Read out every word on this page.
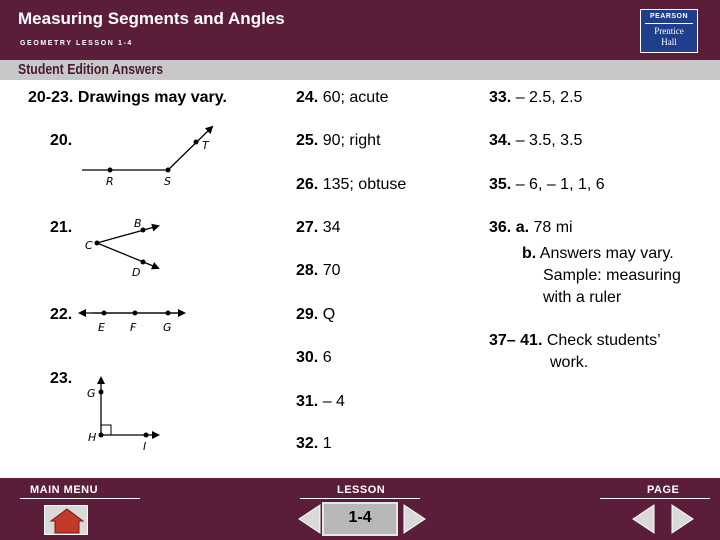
Measuring Segments and Angles
GEOMETRY LESSON 1-4
PEARSON
Prentice
Hall
Student Edition Answers
20-23. Drawings may vary.
20.
21.
22.
23.
R	S
T
B
C
D
E F G
G
H
I
24. 60; acute
25. 90; right
26. 135; obtuse
27. 34
28. 70
29. Q
30. 6
31. – 4
32. 1
33. – 2.5, 2.5
34. – 3.5, 3.5
35. – 6, – 1, 1, 6
36. a. 78 mi
b. Answers may vary.
Sample: measuring
with a ruler
37– 41. Check students’
work.
MAIN MENU	LESSON	PAGE
1-4
